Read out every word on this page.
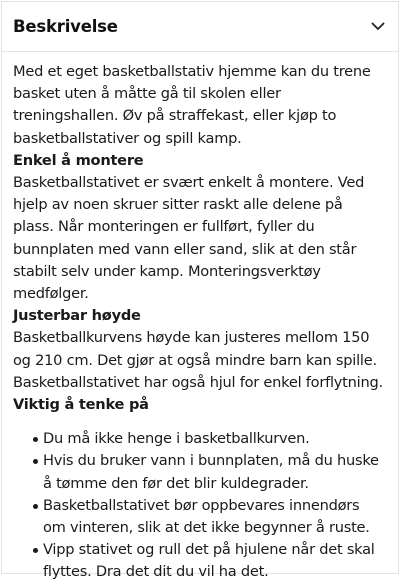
Beskrivelse

Med et eget basketballstativ hjemme kan du trene basket uten å måtte gå til skolen eller treningshallen. Øv på straffekast, eller kjøp to basketballstativer og spill kamp.

Enkel å montere

Basketballstativet er svært enkelt å montere. Ved hjelp av noen skruer sitter raskt alle delene på plass. Når monteringen er fullført, fyller du bunnplaten med vann eller sand, slik at den står stabilt selv under kamp. Monteringsverktøy medfølger.

Justerbar høyde

Basketballkurvens høyde kan justeres mellom 150 og 210 cm. Det gjør at også mindre barn kan spille. Basketballstativet har også hjul for enkel forflytning.

Viktig å tenke på
Du må ikke henge i basketballkurven.
Hvis du bruker vann i bunnplaten, må du huske å tømme den før det blir kuldegrader.
Basketballstativet bør oppbevares innendørs om vinteren, slik at det ikke begynner å ruste.
Vipp stativet og rull det på hjulene når det skal flyttes. Dra det dit du vil ha det.
